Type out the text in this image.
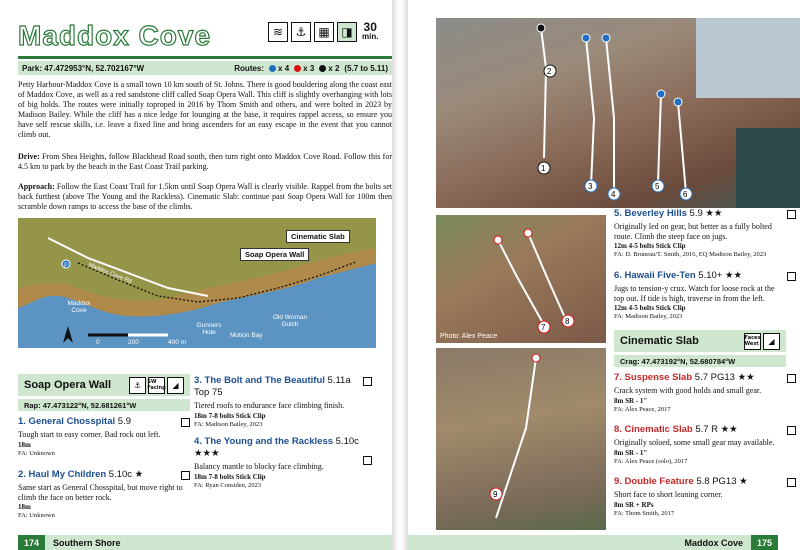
Maddox Cove	≋	⚓ ▦ ◨ 30
min.
Park: 47.472953°N, 52.702167°W	Routes:	x 4	x 3	x 2 (5.7 to 5.11)

Petty Harbour-Maddox Cove is a small town 10 km south of St. Johns. There is good bouldering along the coast east of Maddox Cove, as well as a red sandstone cliff called Soap Opera Wall. This cliff is slightly overhanging with lots of big holds. The routes were initially toproped in 2016 by Thom Smith and others, and were bolted in 2023 by Madison Bailey. While the cliff has a nice ledge for lounging at the base, it requires rappel access, so ensure you have self rescue skills, i.e. leave a fixed line and bring ascenders for an easy escape in the event that you cannot climb out.

Drive: From Shea Heights, follow Blackhead Road south, then turn right onto Maddox Cove Road. Follow this for 4.5 km to park by the beach in the East Coast Trail parking.

Approach: Follow the East Coast Trail for 1.5km until Soap Opera Wall is clearly visible. Rappel from the bolts set back furthest (above The Young and the Rackless). Cinematic Slab: continue past Soap Opera Wall for 100m then scramble down ramps to access the base of the climbs.

P	Maddox Cove Rd
0	200	400 m
Maddox Cove
Gunners Hole	Motion Bay
Old Woman Gulch
Cinematic Slab
Soap Opera Wall
Soap Opera Wall	⚓	SW Facing ◢
Rap: 47.473122°N, 52.681261°W
1. General Chosspital 5.9
Tough start to easy corner. Bad rock out left.
18m
FA: Unknown
2. Haul My Children 5.10c ★
Same start as General Chosspital, but move right to climb the face on better rock.
18m
FA: Unknown
3. The Bolt and The Beautiful 5.11a Top 75
Tiered roofs to endurance face climbing finish.
18m 7-8 bolts Stick Clip
FA: Madison Bailey, 2023
4. The Young and the Rackless 5.10c ★★★
Balancy mantle to blocky face climbing.
18m 7-8 bolts Stick Clip
FA: Ryan Considen, 2023
174	Southern Shore
1
2
3
4
5
6
7
8
Photo: Alex Peace
9
5. Beverley Hills 5.9 ★★
Originally led on gear, but better as a fully bolted route. Climb the steep face on jugs.
12m 4-5 bolts Stick Clip
FA: D. Bruneau/T. Smith, 2016, EQ Madison Bailey, 2023
6. Hawaii Five-Ten 5.10+ ★★
Jugs to tension-y crux. Watch for loose rock at the top out. If tide is high, traverse in from the left.
12m 4-5 bolts Stick Clip
FA: Madison Bailey, 2023
Cinematic Slab	Faces West	◢
Crag: 47.473192°N, 52.680784°W
7. Suspense Slab 5.7 PG13 ★★
Crack system with good holds and small gear.
8m SR - 1"
FA: Alex Peace, 2017
8. Cinematic Slab 5.7 R ★★
Originally soloed, some small gear may available.
8m SR - 1"
FA: Alex Peace (solo), 2017
9. Double Feature 5.8 PG13 ★
Short face to short leaning corner.
8m SR + RPs
FA: Thom Smith, 2017
Maddox Cove	175
